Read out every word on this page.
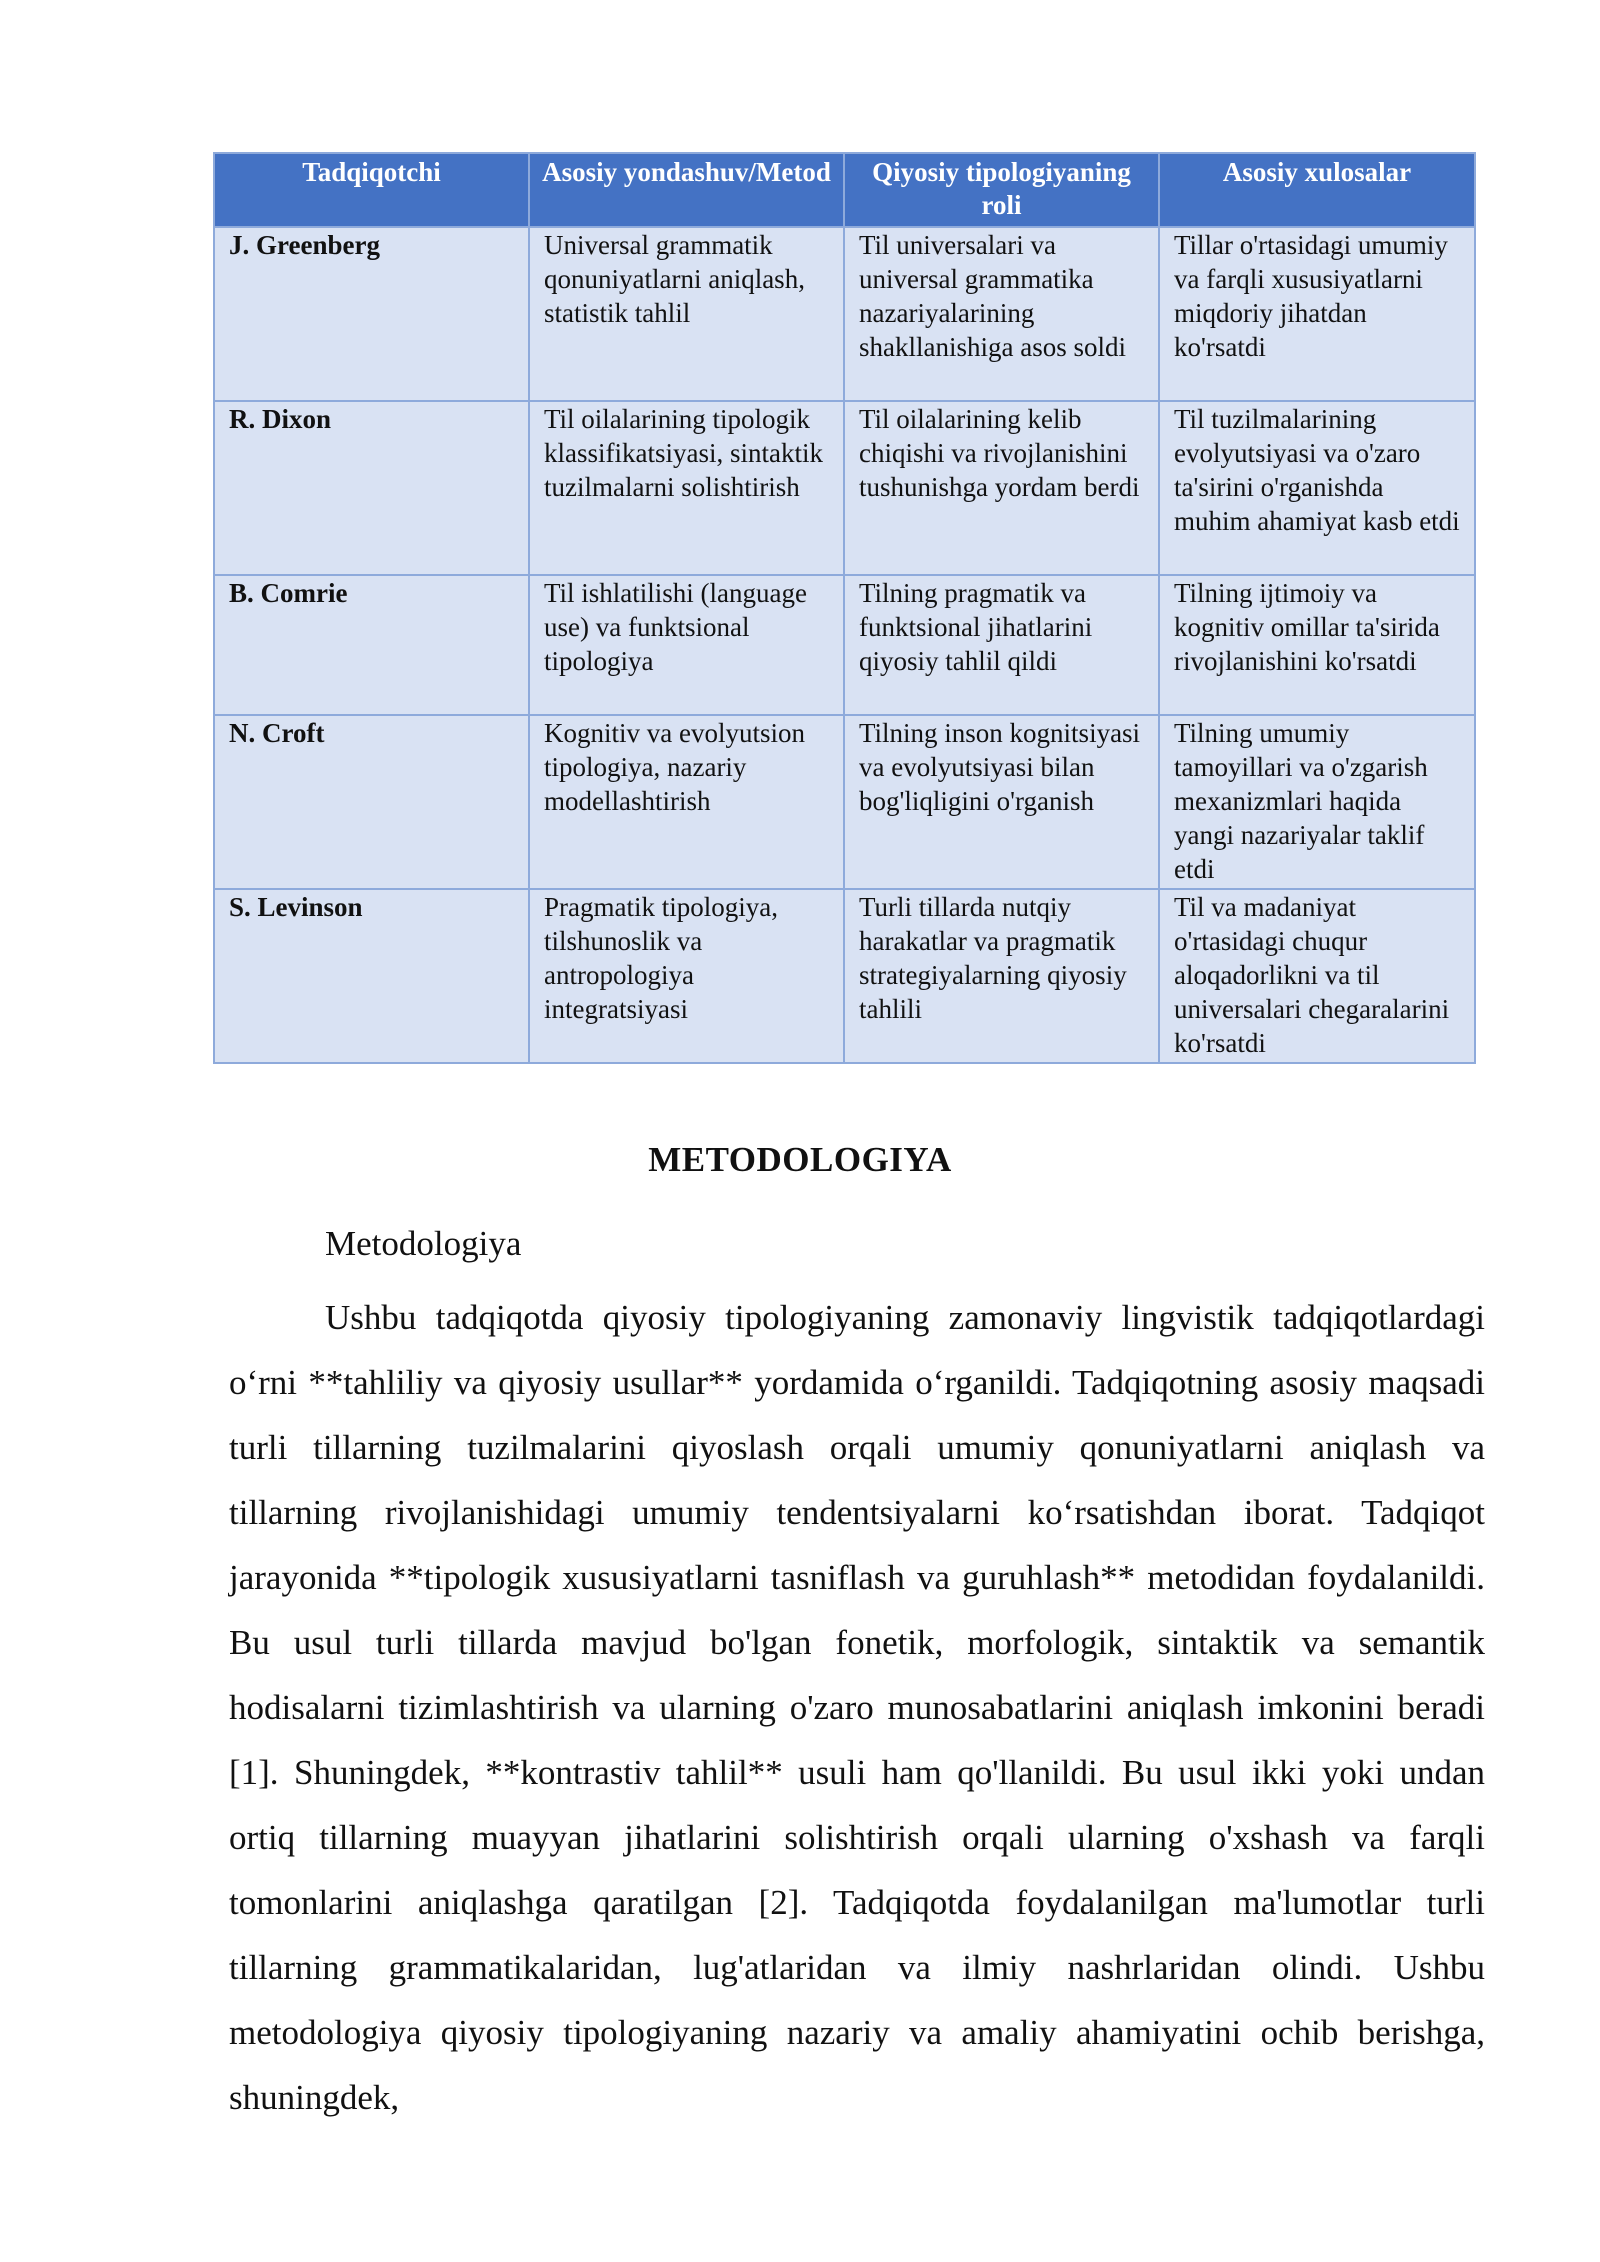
Tadqiqotchi	Asosiy yondashuv/Metod	Qiyosiy tipologiyaning roli	Asosiy xulosalar
J. Greenberg	Universal grammatik qonuniyatlarni aniqlash, statistik tahlil	Til universalari va universal grammatika nazariyalarining shakllanishiga asos soldi	Tillar o'rtasidagi umumiy va farqli xususiyatlarni miqdoriy jihatdan ko'rsatdi
R. Dixon	Til oilalarining tipologik klassifikatsiyasi, sintaktik tuzilmalarni solishtirish	Til oilalarining kelib chiqishi va rivojlanishini tushunishga yordam berdi	Til tuzilmalarining evolyutsiyasi va o'zaro ta'sirini o'rganishda muhim ahamiyat kasb etdi
B. Comrie	Til ishlatilishi (language use) va funktsional tipologiya	Tilning pragmatik va funktsional jihatlarini qiyosiy tahlil qildi	Tilning ijtimoiy va kognitiv omillar ta'sirida rivojlanishini ko'rsatdi
N. Croft	Kognitiv va evolyutsion tipologiya, nazariy modellashtirish	Tilning inson kognitsiyasi va evolyutsiyasi bilan bog'liqligini o'rganish	Tilning umumiy tamoyillari va o'zgarish mexanizmlari haqida yangi nazariyalar taklif etdi
S. Levinson	Pragmatik tipologiya, tilshunoslik va antropologiya integratsiyasi	Turli tillarda nutqiy harakatlar va pragmatik strategiyalarning qiyosiy tahlili	Til va madaniyat o'rtasidagi chuqur aloqadorlikni va til universalari chegaralarini ko'rsatdi
METODOLOGIYA
Metodologiya

Ushbu tadqiqotda qiyosiy tipologiyaning zamonaviy lingvistik tadqiqotlardagi o‘rni **tahliliy va qiyosiy usullar** yordamida o‘rganildi. Tadqiqotning asosiy maqsadi turli tillarning tuzilmalarini qiyoslash orqali umumiy qonuniyatlarni aniqlash va tillarning rivojlanishidagi umumiy tendentsiyalarni ko‘rsatishdan iborat. Tadqiqot jarayonida **tipologik xususiyatlarni tasniflash va guruhlash** metodidan foydalanildi. Bu usul turli tillarda mavjud bo'lgan fonetik, morfologik, sintaktik va semantik hodisalarni tizimlashtirish va ularning o'zaro munosabatlarini aniqlash imkonini beradi [1]. Shuningdek, **kontrastiv tahlil** usuli ham qo'llanildi. Bu usul ikki yoki undan ortiq tillarning muayyan jihatlarini solishtirish orqali ularning o'xshash va farqli tomonlarini aniqlashga qaratilgan [2]. Tadqiqotda foydalanilgan ma'lumotlar turli tillarning grammatikalaridan, lug'atlaridan va ilmiy nashrlaridan olindi. Ushbu metodologiya qiyosiy tipologiyaning nazariy va amaliy ahamiyatini ochib berishga, shuningdek,
